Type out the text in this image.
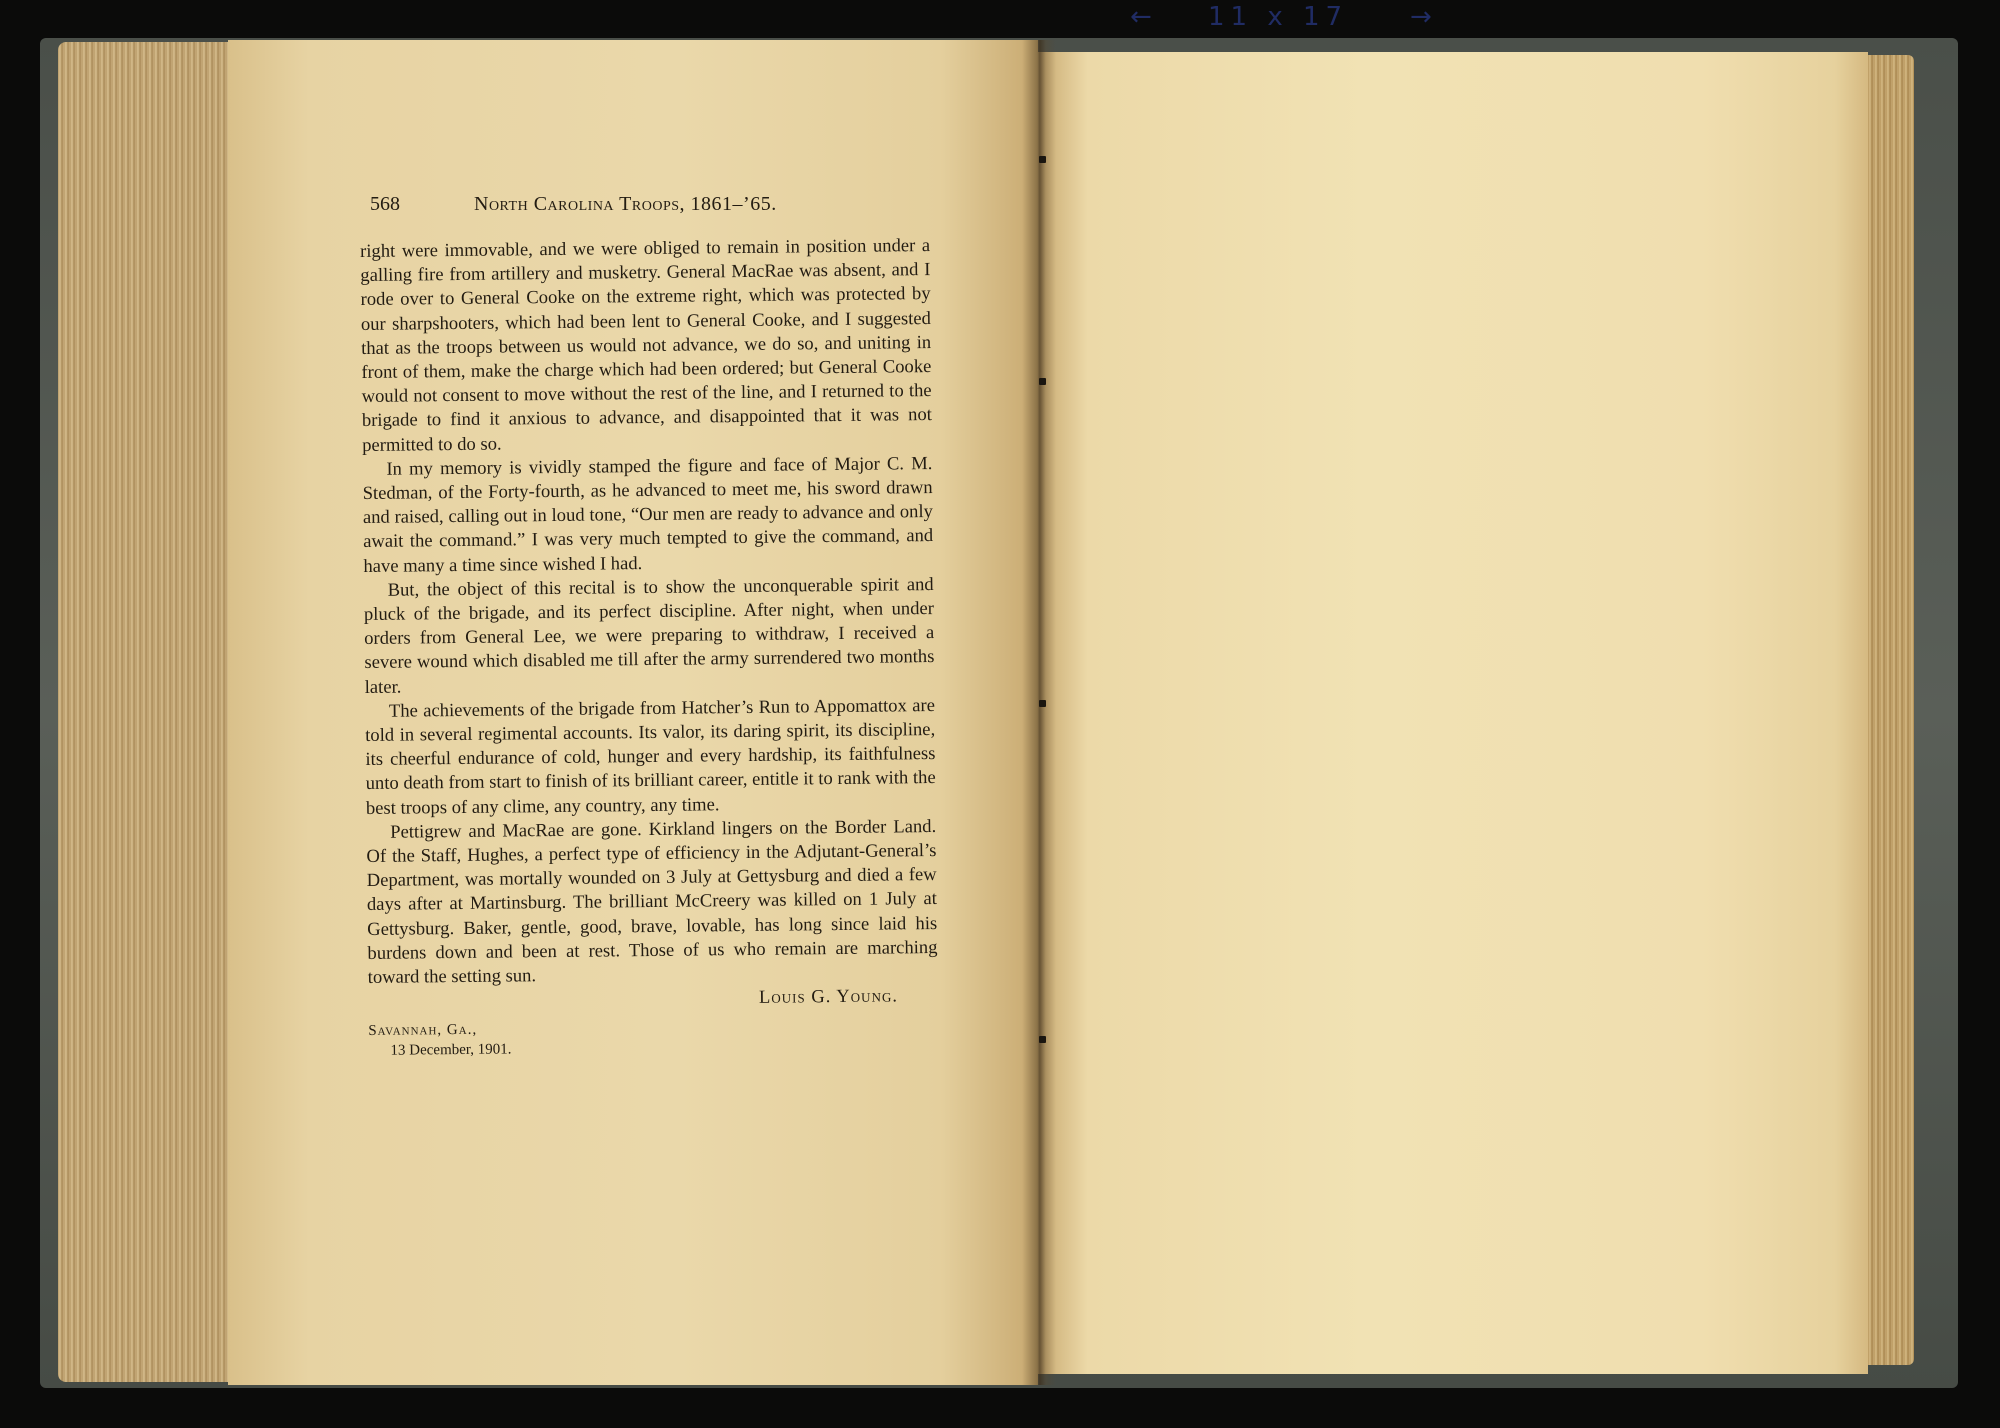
← 11 x 17 →
568	North Carolina Troops, 1861–’65.

right were immovable, and we were obliged to remain in position under a galling fire from artillery and musketry. General MacRae was absent, and I rode over to General Cooke on the extreme right, which was protected by our sharpshooters, which had been lent to General Cooke, and I suggested that as the troops between us would not advance, we do so, and uniting in front of them, make the charge which had been ordered; but General Cooke would not consent to move without the rest of the line, and I returned to the brigade to find it anxious to advance, and disappointed that it was not permitted to do so.

In my memory is vividly stamped the figure and face of Major C. M. Stedman, of the Forty-fourth, as he advanced to meet me, his sword drawn and raised, calling out in loud tone, “Our men are ready to advance and only await the command.” I was very much tempted to give the command, and have many a time since wished I had.

But, the object of this recital is to show the unconquerable spirit and pluck of the brigade, and its perfect discipline. After night, when under orders from General Lee, we were preparing to withdraw, I received a severe wound which disabled me till after the army surrendered two months later.

The achievements of the brigade from Hatcher’s Run to Appomattox are told in several regimental accounts. Its valor, its daring spirit, its discipline, its cheerful endurance of cold, hunger and every hardship, its faithfulness unto death from start to finish of its brilliant career, entitle it to rank with the best troops of any clime, any country, any time.

Pettigrew and MacRae are gone. Kirkland lingers on the Border Land. Of the Staff, Hughes, a perfect type of efficiency in the Adjutant-General’s Department, was mortally wounded on 3 July at Gettysburg and died a few days after at Martinsburg. The brilliant McCreery was killed on 1 July at Gettysburg. Baker, gentle, good, brave, lovable, has long since laid his burdens down and been at rest. Those of us who remain are marching toward the setting sun.

Louis G. Young.

Savannah, Ga.,
13 December, 1901.
